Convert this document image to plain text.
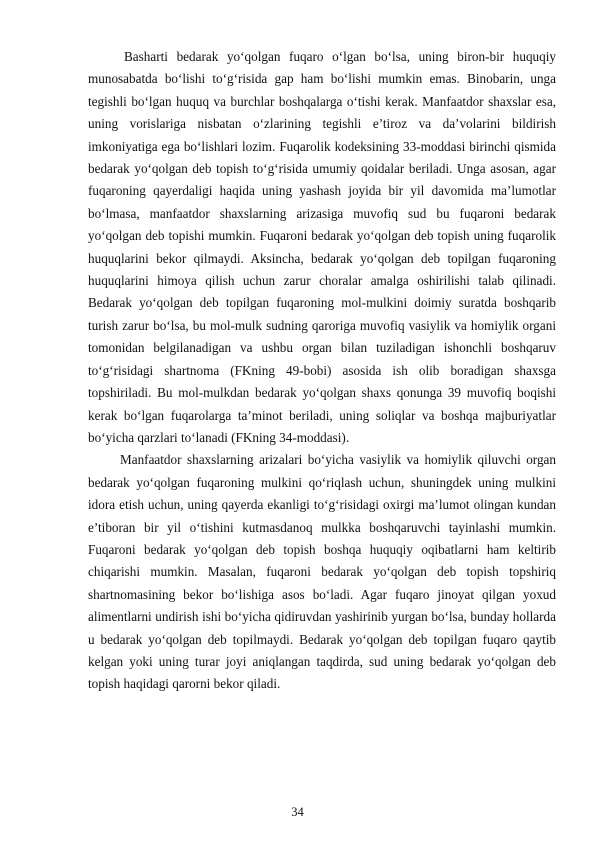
Basharti bedarak yo‘qolgan fuqaro o‘lgan bo‘lsa, uning biron-bir huquqiy munosabatda bo‘lishi to‘g‘risida gap ham bo‘lishi mumkin emas. Binobarin, unga tegishli bo‘lgan huquq va burchlar boshqalarga o‘tishi kerak. Manfaatdor shaxslar esa, uning vorislariga nisbatan o‘zlarining tegishli e’tiroz va da’volarini bildirish imkoniyatiga ega bo‘lishlari lozim. Fuqarolik kodeksining 33-moddasi birinchi qismida bedarak yo‘qolgan deb topish to‘g‘risida umumiy qoidalar beriladi. Unga asosan, agar fuqaroning qayerdaligi haqida uning yashash joyida bir yil davomida ma’lumotlar bo‘lmasa, manfaatdor shaxslarning arizasiga muvofiq sud bu fuqaroni bedarak yo‘qolgan deb topishi mumkin. Fuqaroni bedarak yo‘qolgan deb topish uning fuqarolik huquqlarini bekor qilmaydi. Aksincha, bedarak yo‘qolgan deb topilgan fuqaroning huquqlarini himoya qilish uchun zarur choralar amalga oshirilishi talab qilinadi. Bedarak yo‘qolgan deb topilgan fuqaroning mol-mulkini doimiy suratda boshqarib turish zarur bo‘lsa, bu mol-mulk sudning qaroriga muvofiq vasiylik va homiylik organi tomonidan belgilanadigan va ushbu organ bilan tuziladigan ishonchli boshqaruv to‘g‘risidagi shartnoma (FKning 49-bobi) asosida ish olib boradigan shaxsga topshiriladi. Bu mol-mulkdan bedarak yo‘qolgan shaxs qonunga 39 muvofiq boqishi kerak bo‘lgan fuqarolarga ta’minot beriladi, uning soliqlar va boshqa majburiyatlar bo‘yicha qarzlari to‘lanadi (FKning 34-moddasi).

Manfaatdor shaxslarning arizalari bo‘yicha vasiylik va homiylik qiluvchi organ bedarak yo‘qolgan fuqaroning mulkini qo‘riqlash uchun, shuningdek uning mulkini idora etish uchun, uning qayerda ekanligi to‘g‘risidagi oxirgi ma’lumot olingan kundan e’tiboran bir yil o‘tishini kutmasdanoq mulkka boshqaruvchi tayinlashi mumkin. Fuqaroni bedarak yo‘qolgan deb topish boshqa huquqiy oqibatlarni ham keltirib chiqarishi mumkin. Masalan, fuqaroni bedarak yo‘qolgan deb topish topshiriq shartnomasining bekor bo‘lishiga asos bo‘ladi. Agar fuqaro jinoyat qilgan yoxud alimentlarni undirish ishi bo‘yicha qidiruvdan yashirinib yurgan bo‘lsa, bunday hollarda u bedarak yo‘qolgan deb topilmaydi. Bedarak yo‘qolgan deb topilgan fuqaro qaytib kelgan yoki uning turar joyi aniqlangan taqdirda, sud uning bedarak yo‘qolgan deb topish haqidagi qarorni bekor qiladi.

34
